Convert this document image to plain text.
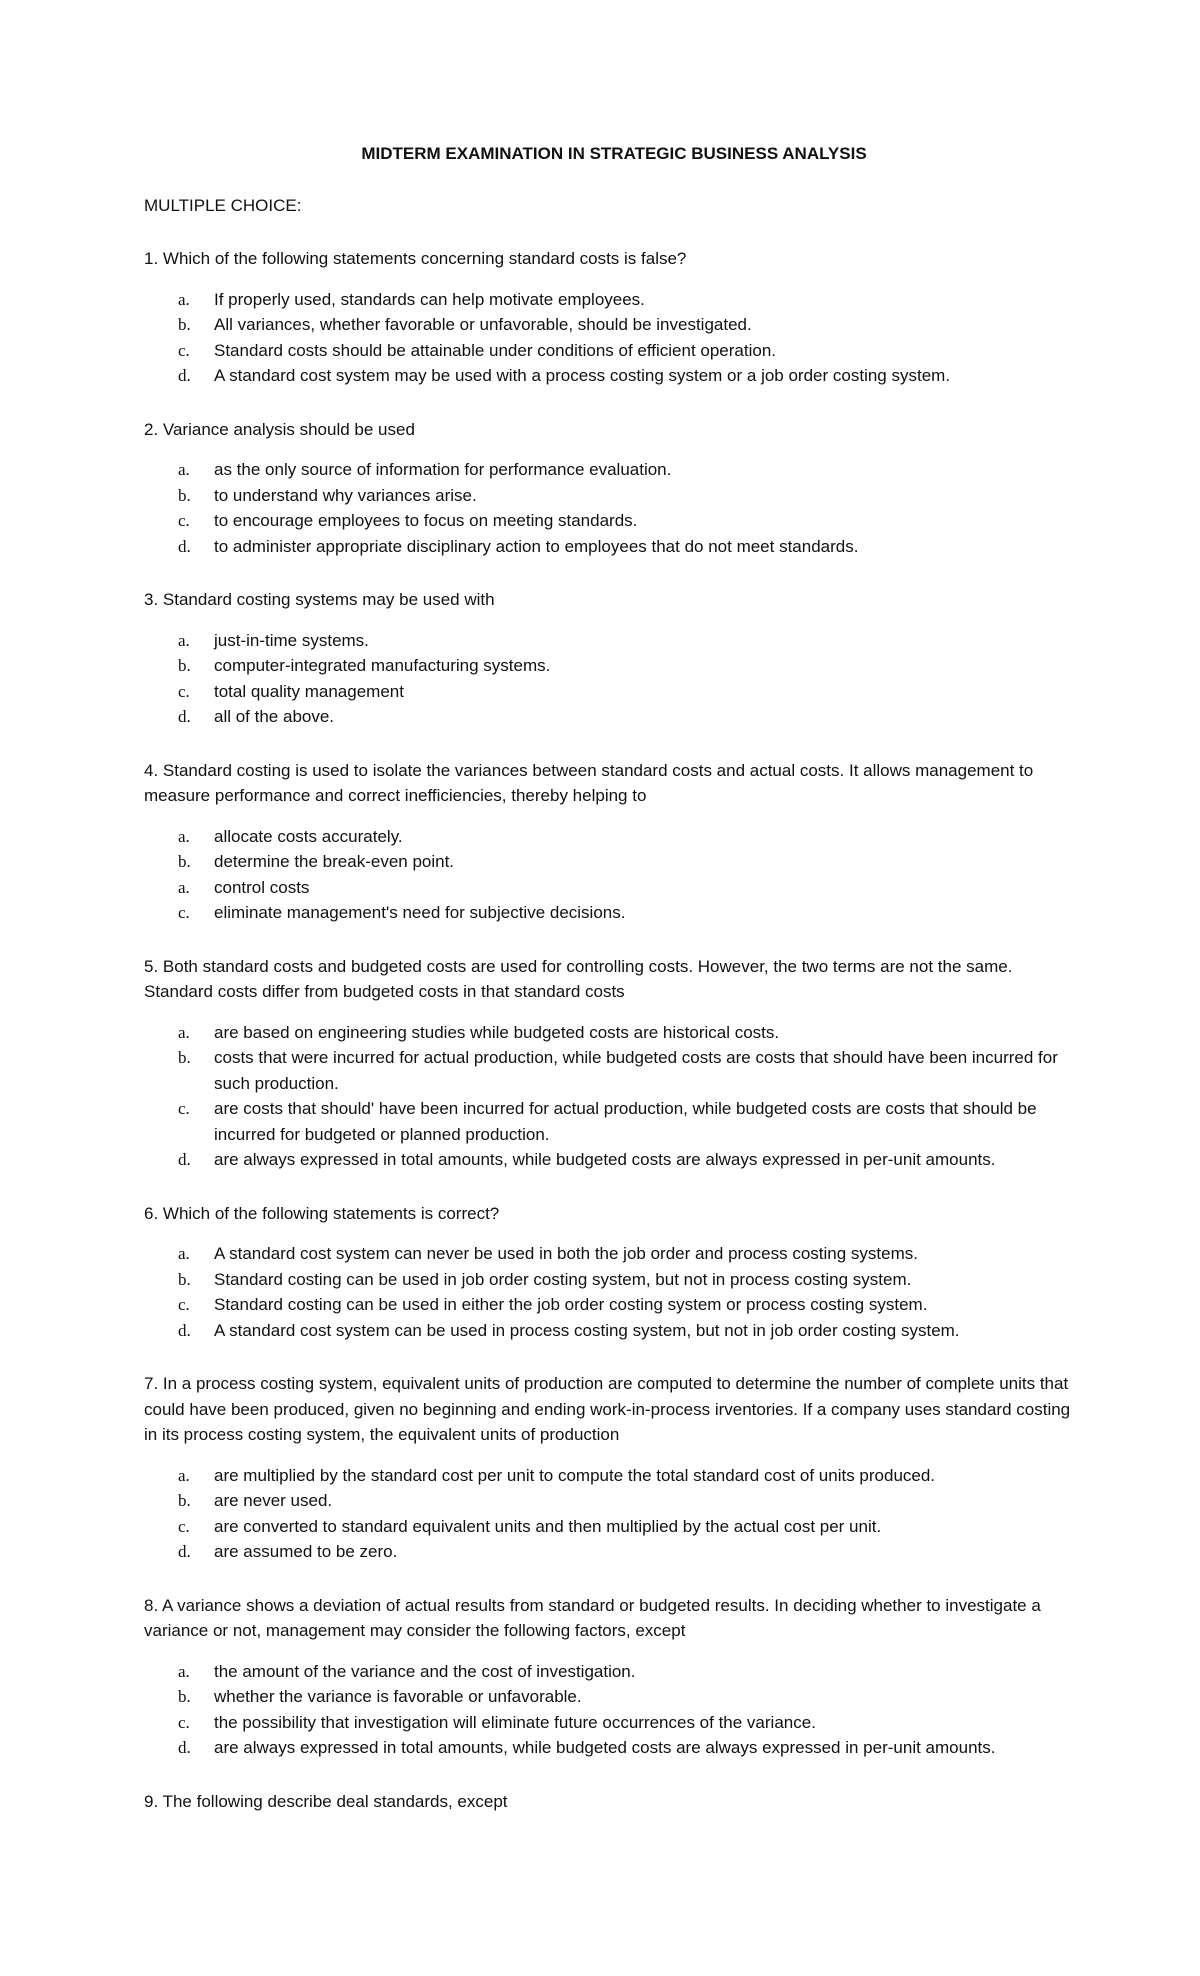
MIDTERM EXAMINATION IN STRATEGIC BUSINESS ANALYSIS
MULTIPLE CHOICE:
1. Which of the following statements concerning standard costs is false?
a.	If properly used, standards can help motivate employees.
b.	All variances, whether favorable or unfavorable, should be investigated.
c.	Standard costs should be attainable under conditions of efficient operation.
d.	A standard cost system may be used with a process costing system or a job order costing system.
2. Variance analysis should be used
a.	as the only source of information for performance evaluation.
b.	to understand why variances arise.
c.	to encourage employees to focus on meeting standards.
d.	to administer appropriate disciplinary action to employees that do not meet standards.
3. Standard costing systems may be used with
a.	just-in-time systems.
b.	computer-integrated manufacturing systems.
c.	total quality management
d.	all of the above.
4. Standard costing is used to isolate the variances between standard costs and actual costs. It allows management to measure performance and correct inefficiencies, thereby helping to
a.	allocate costs accurately.
b.	determine the break-even point.
a.	control costs
c.	eliminate management's need for subjective decisions.
5. Both standard costs and budgeted costs are used for controlling costs. However, the two terms are not the same. Standard costs differ from budgeted costs in that standard costs
a.	are based on engineering studies while budgeted costs are historical costs.
b.	costs that were incurred for actual production, while budgeted costs are costs that should have been incurred for such production.
c.	are costs that should' have been incurred for actual production, while budgeted costs are costs that should be incurred for budgeted or planned production.
d.	are always expressed in total amounts, while budgeted costs are always expressed in per-unit amounts.
6. Which of the following statements is correct?
a.	A standard cost system can never be used in both the job order and process costing systems.
b.	Standard costing can be used in job order costing system, but not in process costing system.
c.	Standard costing can be used in either the job order costing system or process costing system.
d.	A standard cost system can be used in process costing system, but not in job order costing system.
7. In a process costing system, equivalent units of production are computed to determine the number of complete units that could have been produced, given no beginning and ending work-in-process irventories. If a company uses standard costing in its process costing system, the equivalent units of production
a.	are multiplied by the standard cost per unit to compute the total standard cost of units produced.
b.	are never used.
c.	are converted to standard equivalent units and then multiplied by the actual cost per unit.
d.	are assumed to be zero.
8. A variance shows a deviation of actual results from standard or budgeted results. In deciding whether to investigate a variance or not, management may consider the following factors, except
a.	the amount of the variance and the cost of investigation.
b.	whether the variance is favorable or unfavorable.
c.	the possibility that investigation will eliminate future occurrences of the variance.
d.	are always expressed in total amounts, while budgeted costs are always expressed in per-unit amounts.
9. The following describe deal standards, except
